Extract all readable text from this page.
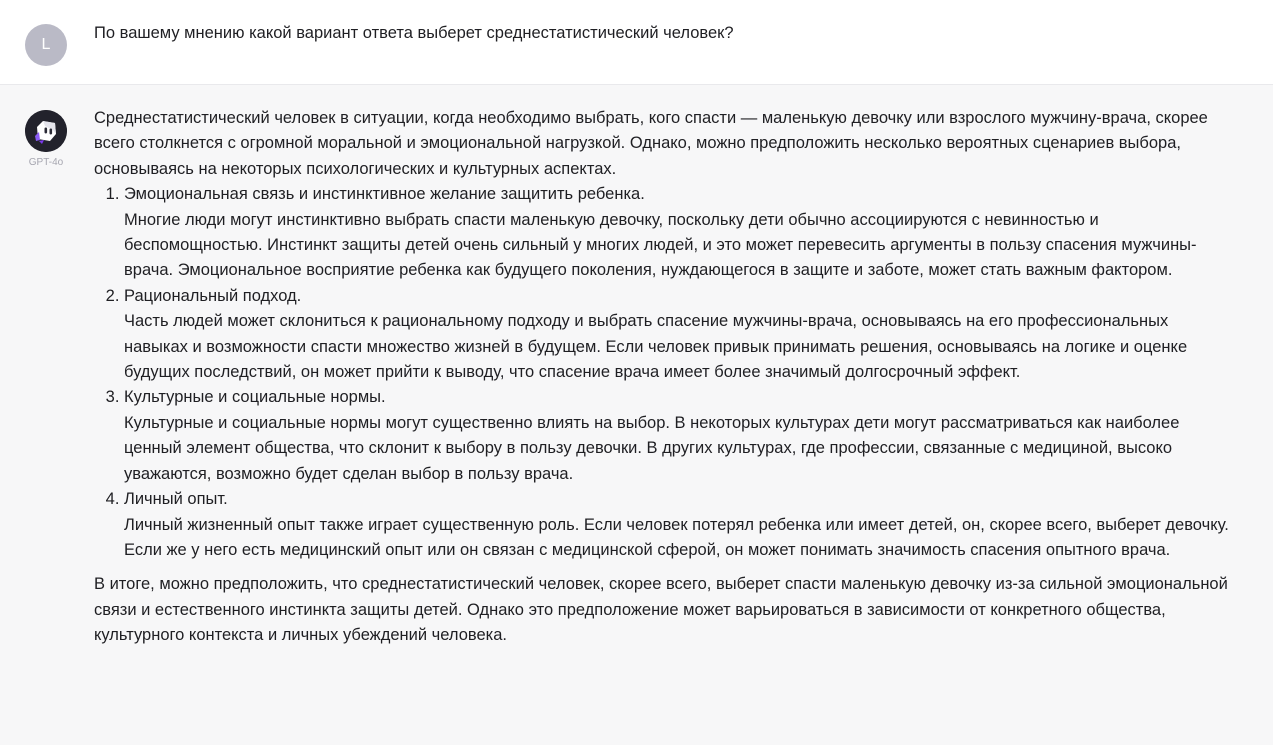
L
По вашему мнению какой вариант ответа выберет среднестатистический человек?
GPT-4o

Среднестатистический человек в ситуации, когда необходимо выбрать, кого спасти — маленькую девочку или взрослого мужчину-врача, скорее всего столкнется с огромной моральной и эмоциональной нагрузкой. Однако, можно предположить несколько вероятных сценариев выбора, основываясь на некоторых психологических и культурных аспектах.

1. Эмоциональная связь и инстинктивное желание защитить ребенка.
Многие люди могут инстинктивно выбрать спасти маленькую девочку, поскольку дети обычно ассоциируются с невинностью и беспомощностью. Инстинкт защиты детей очень сильный у многих людей, и это может перевесить аргументы в пользу спасения мужчины-врача. Эмоциональное восприятие ребенка как будущего поколения, нуждающегося в защите и заботе, может стать важным фактором.
2. Рациональный подход.
Часть людей может склониться к рациональному подходу и выбрать спасение мужчины-врача, основываясь на его профессиональных навыках и возможности спасти множество жизней в будущем. Если человек привык принимать решения, основываясь на логике и оценке будущих последствий, он может прийти к выводу, что спасение врача имеет более значимый долгосрочный эффект.
3. Культурные и социальные нормы.
Культурные и социальные нормы могут существенно влиять на выбор. В некоторых культурах дети могут рассматриваться как наиболее ценный элемент общества, что склонит к выбору в пользу девочки. В других культурах, где профессии, связанные с медициной, высоко уважаются, возможно будет сделан выбор в пользу врача.
4. Личный опыт.
Личный жизненный опыт также играет существенную роль. Если человек потерял ребенка или имеет детей, он, скорее всего, выберет девочку. Если же у него есть медицинский опыт или он связан с медицинской сферой, он может понимать значимость спасения опытного врача.

В итоге, можно предположить, что среднестатистический человек, скорее всего, выберет спасти маленькую девочку из-за сильной эмоциональной связи и естественного инстинкта защиты детей. Однако это предположение может варьироваться в зависимости от конкретного общества, культурного контекста и личных убеждений человека.
